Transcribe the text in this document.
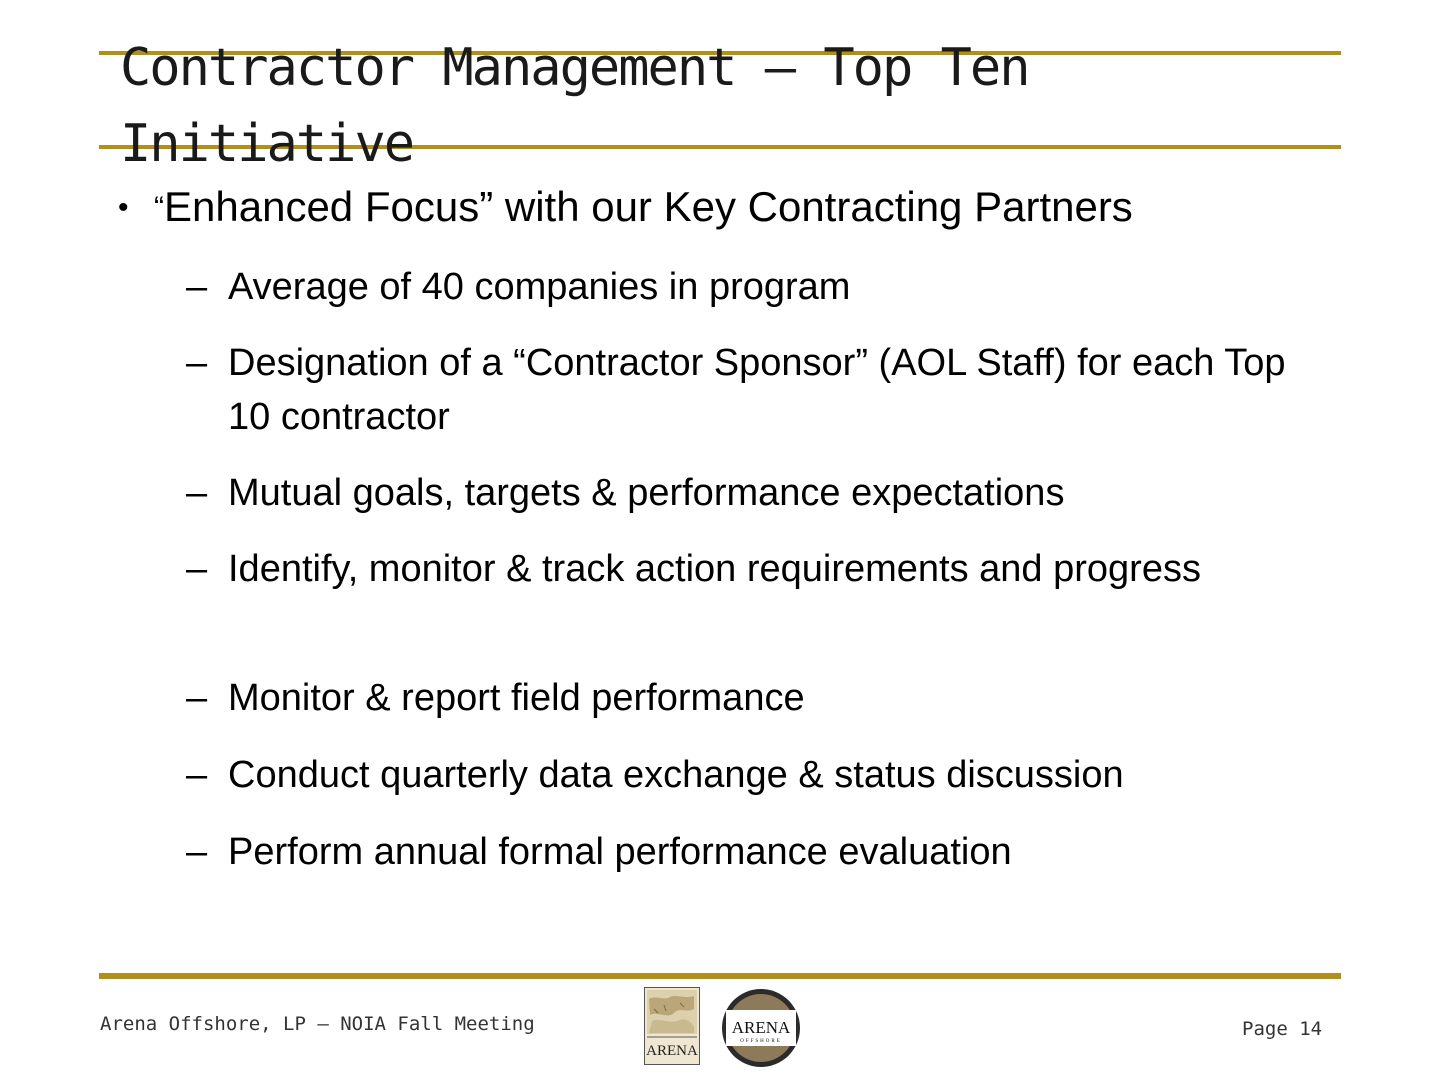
Contractor Management — Top Ten Initiative
• “Enhanced Focus” with our Key Contracting Partners
– Average of 40 companies in program
– Designation of a “Contractor Sponsor” (AOL Staff) for each Top 10 contractor
– Mutual goals, targets & performance expectations
– Identify, monitor & track action requirements and progress
– Monitor & report field performance
– Conduct quarterly data exchange & status discussion
– Perform annual formal performance evaluation
Arena Offshore, LP — NOIA Fall Meeting
ARENA
ARENA
OFFSHORE
Page 14
